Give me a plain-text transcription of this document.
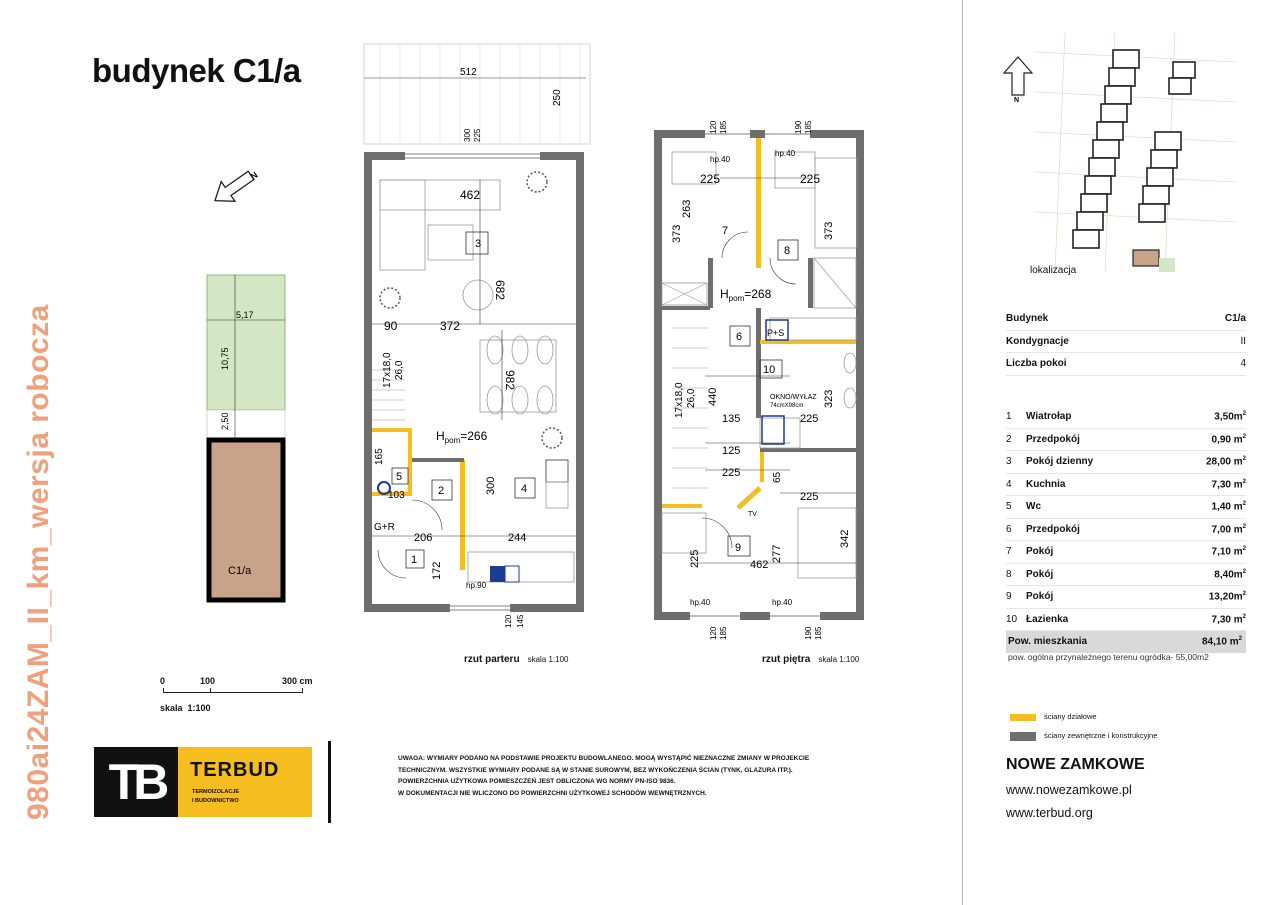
budynek C1/a
980ai24ZAM_II_km_wersja robocza
N
5,17
10,75
2,50
C1/a
512
250
300 225
462
682
90	372
982
17x18,0 26,0
165
103
300
206	244
172
120 145
hp.90
$H_{pom}=266$
3
4
2
5
1
G+R
120 185	190 185
hp.40
hp.40
225	225
263
373	373
17x18,0 26,0 440
135	225
125
225	65
225
323
277
342
225	462
hp.40	hp.40
120 185	190 185
TV
$H_{pom}=268$
7
8
6
10
9
P+S
OKNO/WYŁAZ
74cmX98cm
rzut parteru skala 1:100	rzut piętra skala 1:100
0	100	300 cm
skala  1:100
TB	TERBUD
TERMOIZOLACJE
I BUDOWNICTWO
UWAGA: WYMIARY PODANO NA PODSTAWIE PROJEKTU BUDOWLANEGO. MOGĄ WYSTĄPIĆ NIEZNACZNE ZMIANY W PROJEKCIE
TECHNICZNYM. WSZYSTKIE WYMIARY PODANE SĄ W STANIE SUROWYM, BEZ WYKOŃCZENIA ŚCIAN (TYNK, GLAZURA ITP.).
POWIERZCHNIA UŻYTKOWA POMIESZCZEŃ JEST OBLICZONA WG NORMY PN-ISO 9836.
W DOKUMENTACJI NIE WLICZONO DO POWIERZCHNI UŻYTKOWEJ SCHODÓW WEWNĘTRZNYCH.
N
lokalizacja
Budynek	C1/a
Kondygnacje	II
Liczba pokoi	4
1	Wiatrołap	$3,50m^2$
2	Przedpokój	0,90 $m^2$
3	Pokój dzienny	28,00 $m^2$
4	Kuchnia	7,30 $m^2$
5	Wc	1,40 $m^2$
6	Przedpokój	7,00 $m^2$
7	Pokój	7,10 $m^2$
8	Pokój	$8,40m^2$
9	Pokój	$13,20m^2$
10 Łazienka	7,30 $m^2$
Pow. mieszkania	84,10 $m^2$
pow. ogólna przynależnego terenu ogródka- 55,00m2
ściany działowe
ściany zewnętrzne i konstrukcyjne
NOWE ZAMKOWE
www.nowezamkowe.pl
www.terbud.org
